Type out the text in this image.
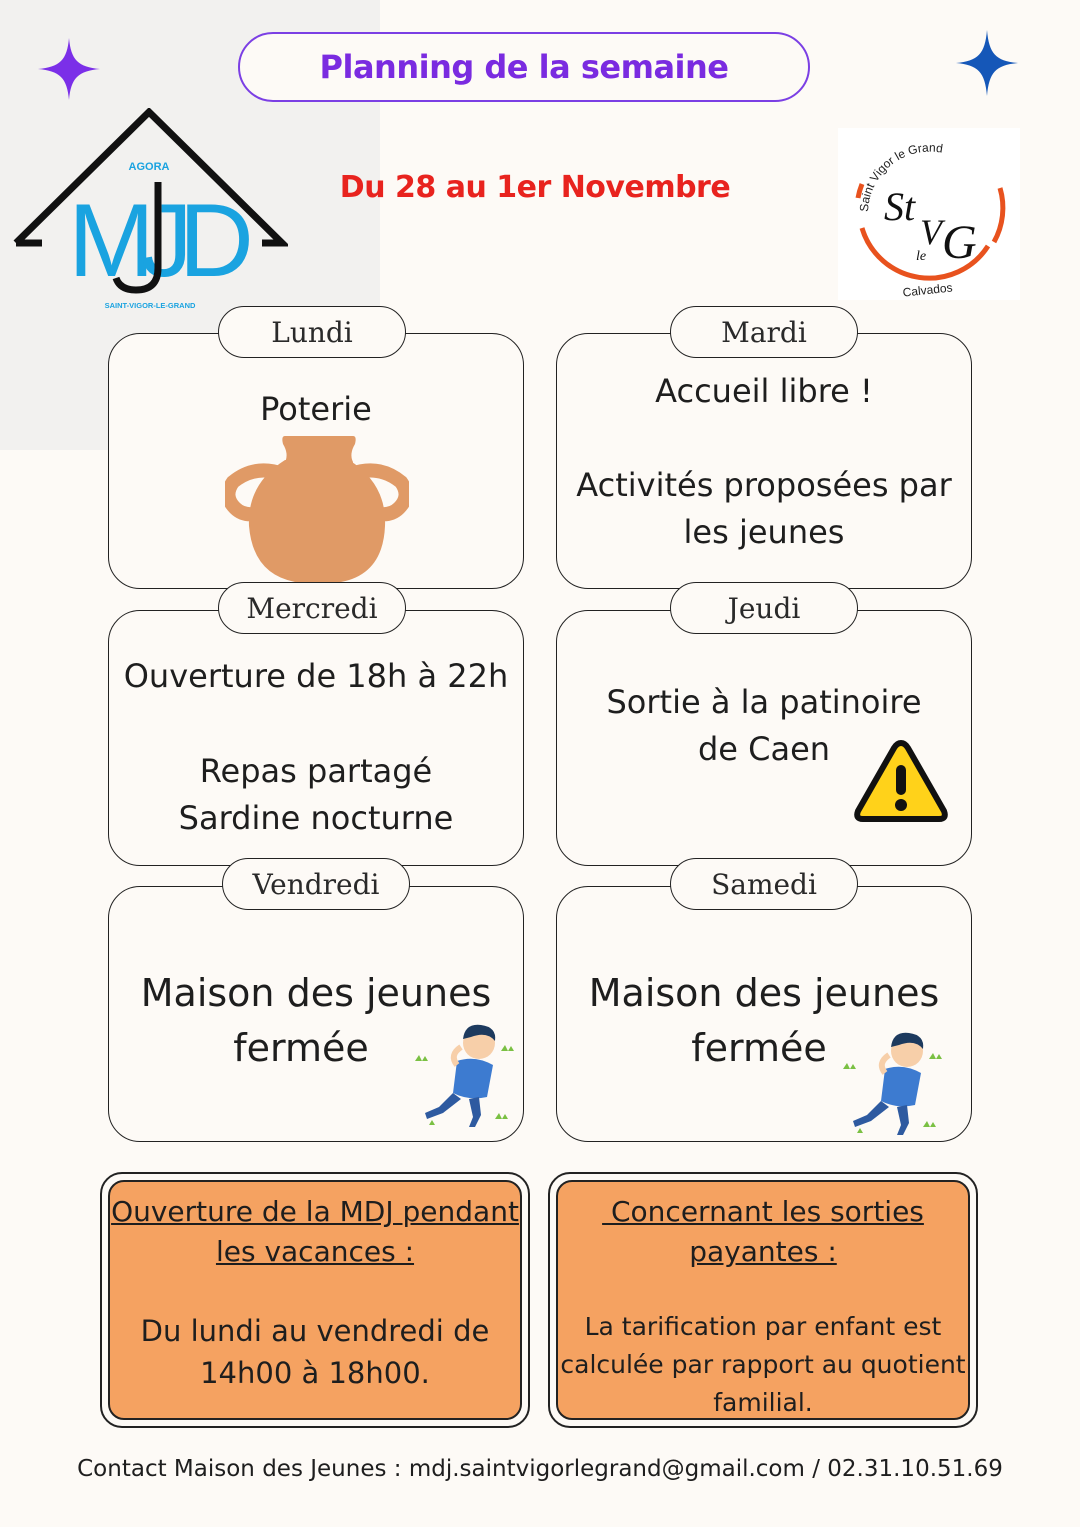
Planning de la semaine
Du 28 au 1er Novembre
AGORA
MJD
SAINT-VIGOR-LE-GRAND
Saint Vigor le Grand
St
V
le G
Calvados
Poterie
Lundi
Accueil libre !
Activités proposées par
les jeunes
Mardi
Ouverture de 18h à 22h
Repas partagé
Sardine nocturne
Mercredi
Sortie à la patinoire
de Caen
Jeudi
Maison des jeunes
fermée
Vendredi
Maison des jeunes
fermée
Samedi
Ouverture de la MDJ pendant
les vacances :
Du lundi au vendredi de
14h00 à 18h00.
Concernant les sorties
payantes :
La tarification par enfant est
calculée par rapport au quotient
familial.
Contact Maison des Jeunes : mdj.saintvigorlegrand@gmail.com / 02.31.10.51.69
